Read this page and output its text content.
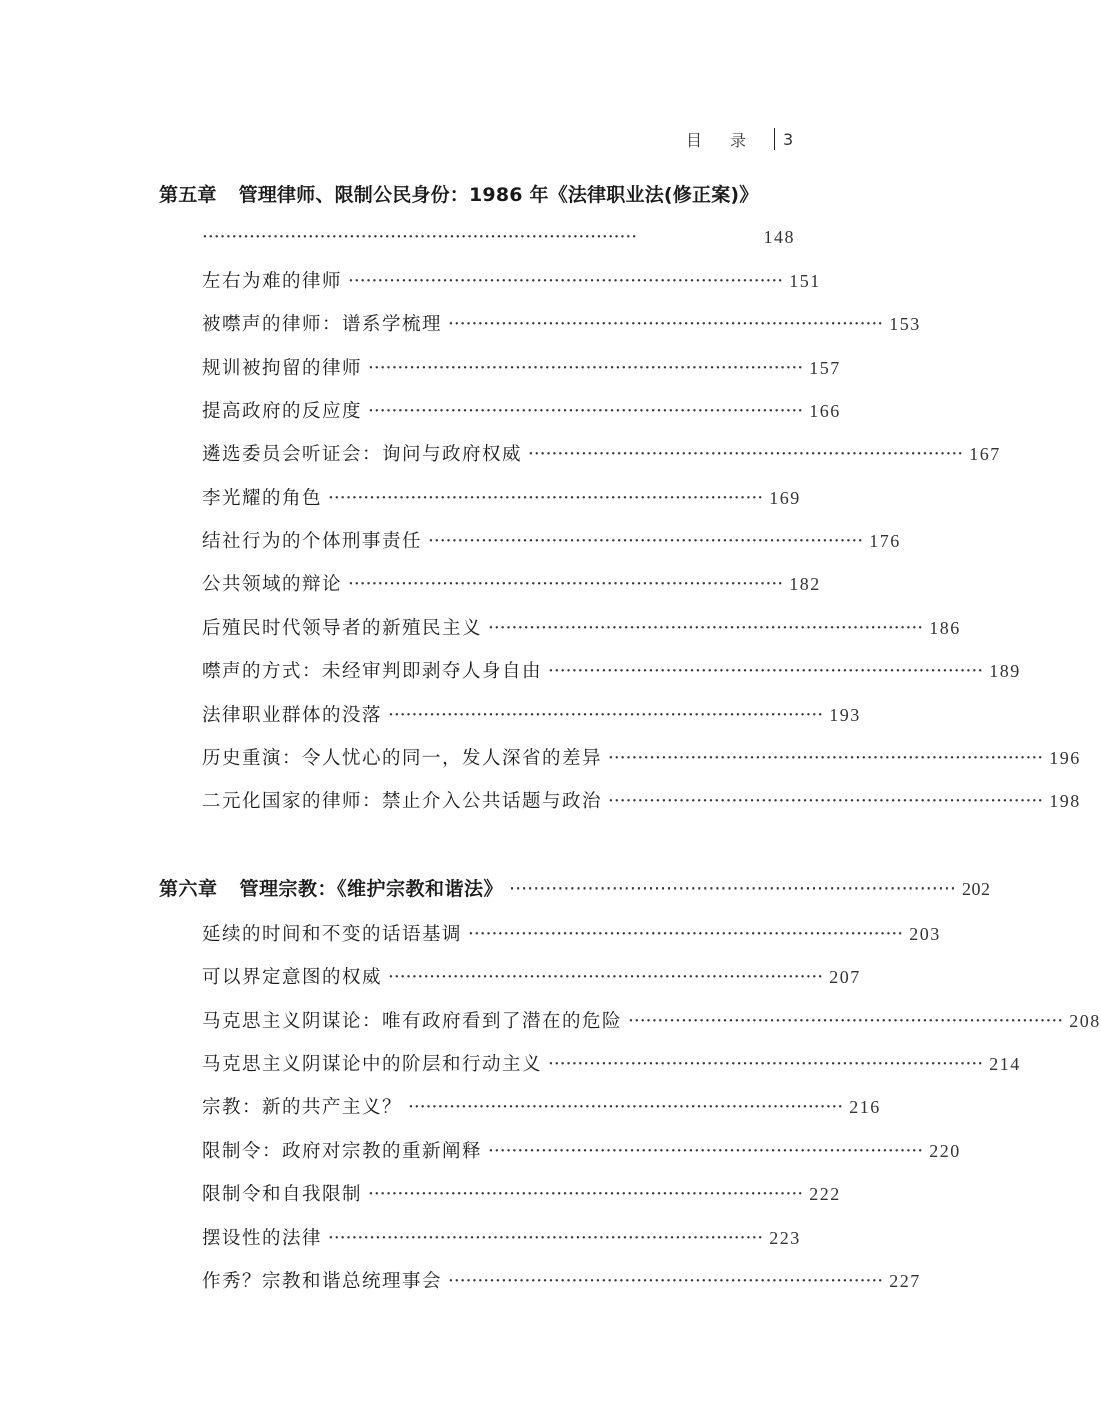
目录 3
第五章 管理律师、限制公民身份：1986 年《法律职业法(修正案)》
··········································································	148
左右为难的律师 ·········································································· 151
被噤声的律师：谱系学梳理 ·········································································· 153
规训被拘留的律师 ·········································································· 157
提高政府的反应度 ·········································································· 166
遴选委员会听证会：询问与政府权威 ·········································································· 167
李光耀的角色 ·········································································· 169
结社行为的个体刑事责任 ·········································································· 176
公共领域的辩论 ·········································································· 182
后殖民时代领导者的新殖民主义 ·········································································· 186
噤声的方式：未经审判即剥夺人身自由 ·········································································· 189
法律职业群体的没落 ·········································································· 193
历史重演：令人忧心的同一，发人深省的差异 ·········································································· 196
二元化国家的律师：禁止介入公共话题与政治 ·········································································· 198
第六章 管理宗教：《维护宗教和谐法》 ·········································································· 202
延续的时间和不变的话语基调 ·········································································· 203
可以界定意图的权威 ·········································································· 207
马克思主义阴谋论：唯有政府看到了潜在的危险 ·········································································· 208
马克思主义阴谋论中的阶层和行动主义 ·········································································· 214
宗教：新的共产主义？ ·········································································· 216
限制令：政府对宗教的重新阐释 ·········································································· 220
限制令和自我限制 ·········································································· 222
摆设性的法律 ·········································································· 223
作秀？宗教和谐总统理事会 ·········································································· 227
